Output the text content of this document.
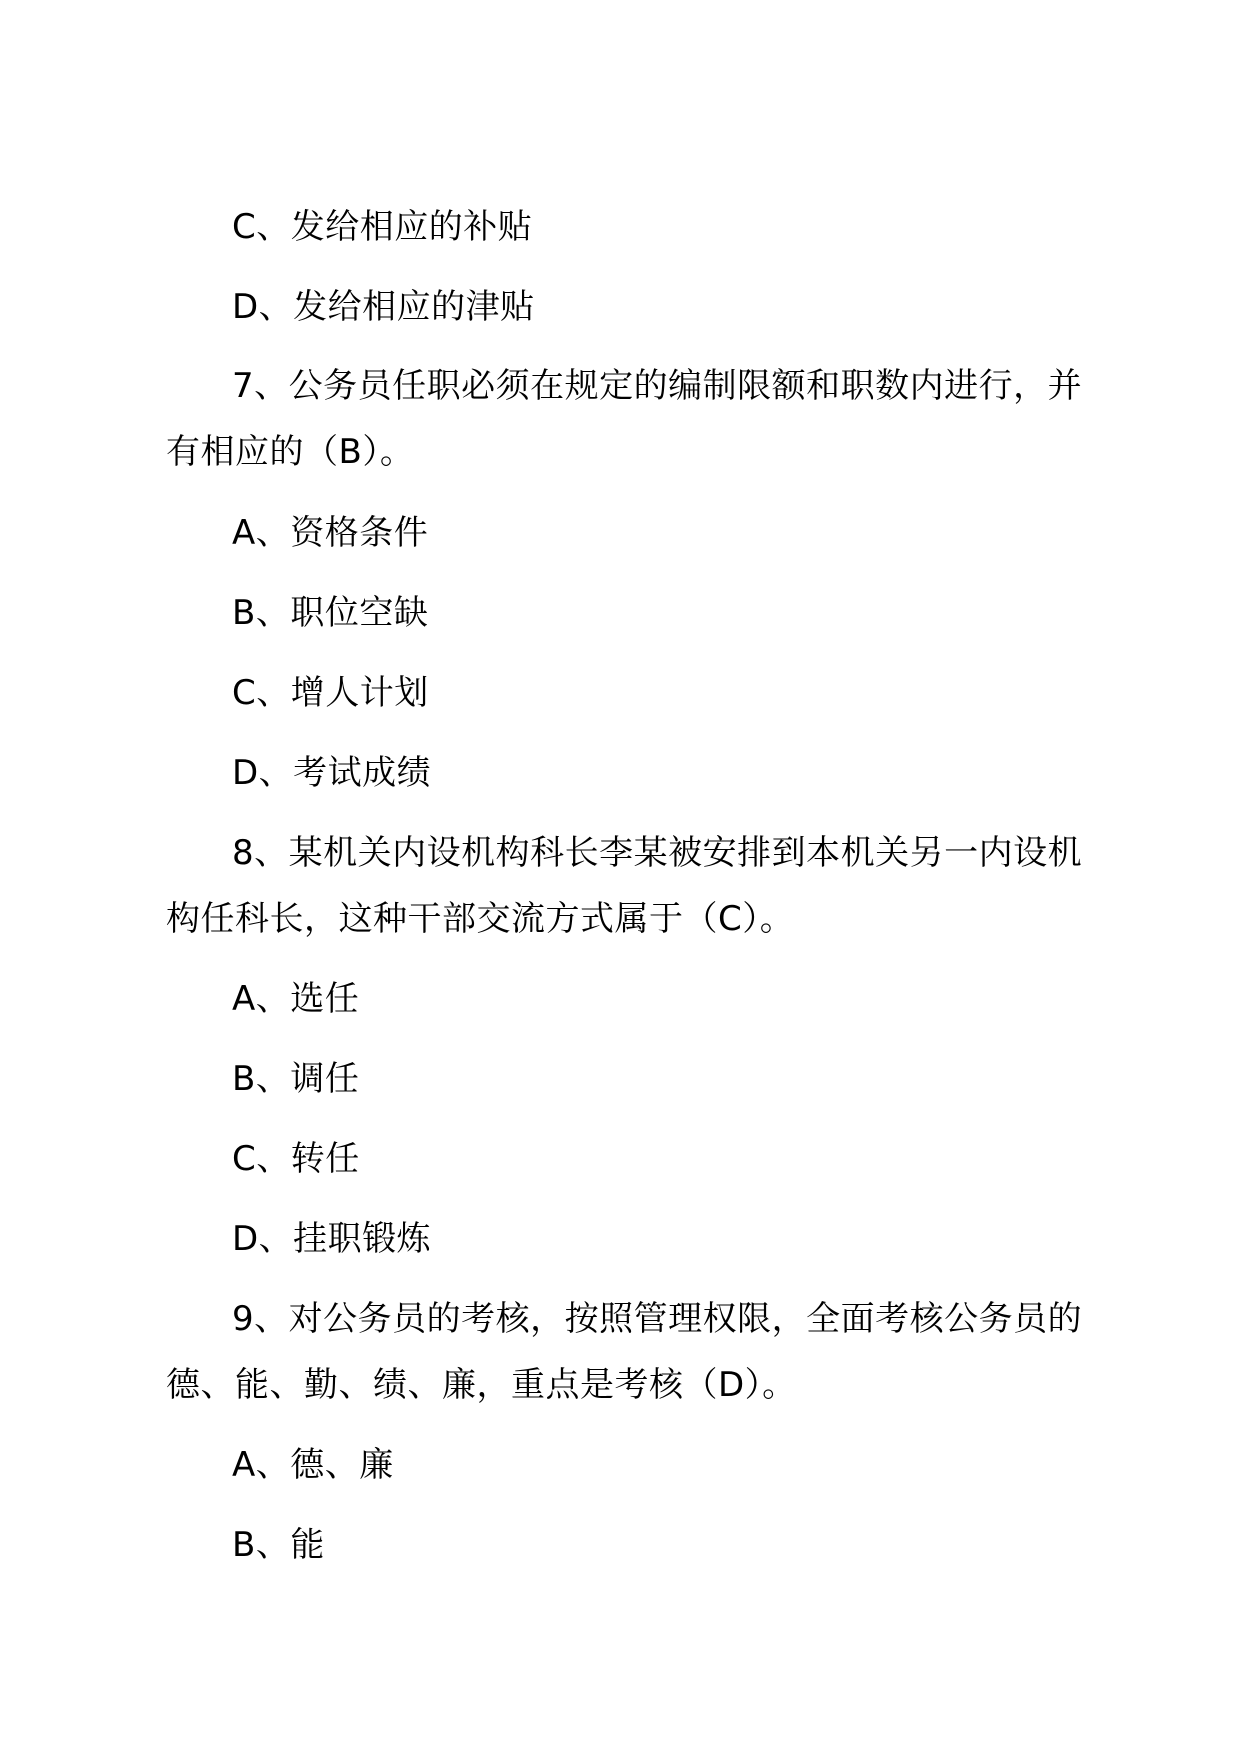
C、发给相应的补贴
D、发给相应的津贴
7、公务员任职必须在规定的编制限额和职数内进行，并
有相应的（B）。
A、资格条件
B、职位空缺
C、增人计划
D、考试成绩
8、某机关内设机构科长李某被安排到本机关另一内设机
构任科长，这种干部交流方式属于（C）。
A、选任
B、调任
C、转任
D、挂职锻炼
9、对公务员的考核，按照管理权限，全面考核公务员的
德、能、勤、绩、廉，重点是考核（D）。
A、德、廉
B、能
